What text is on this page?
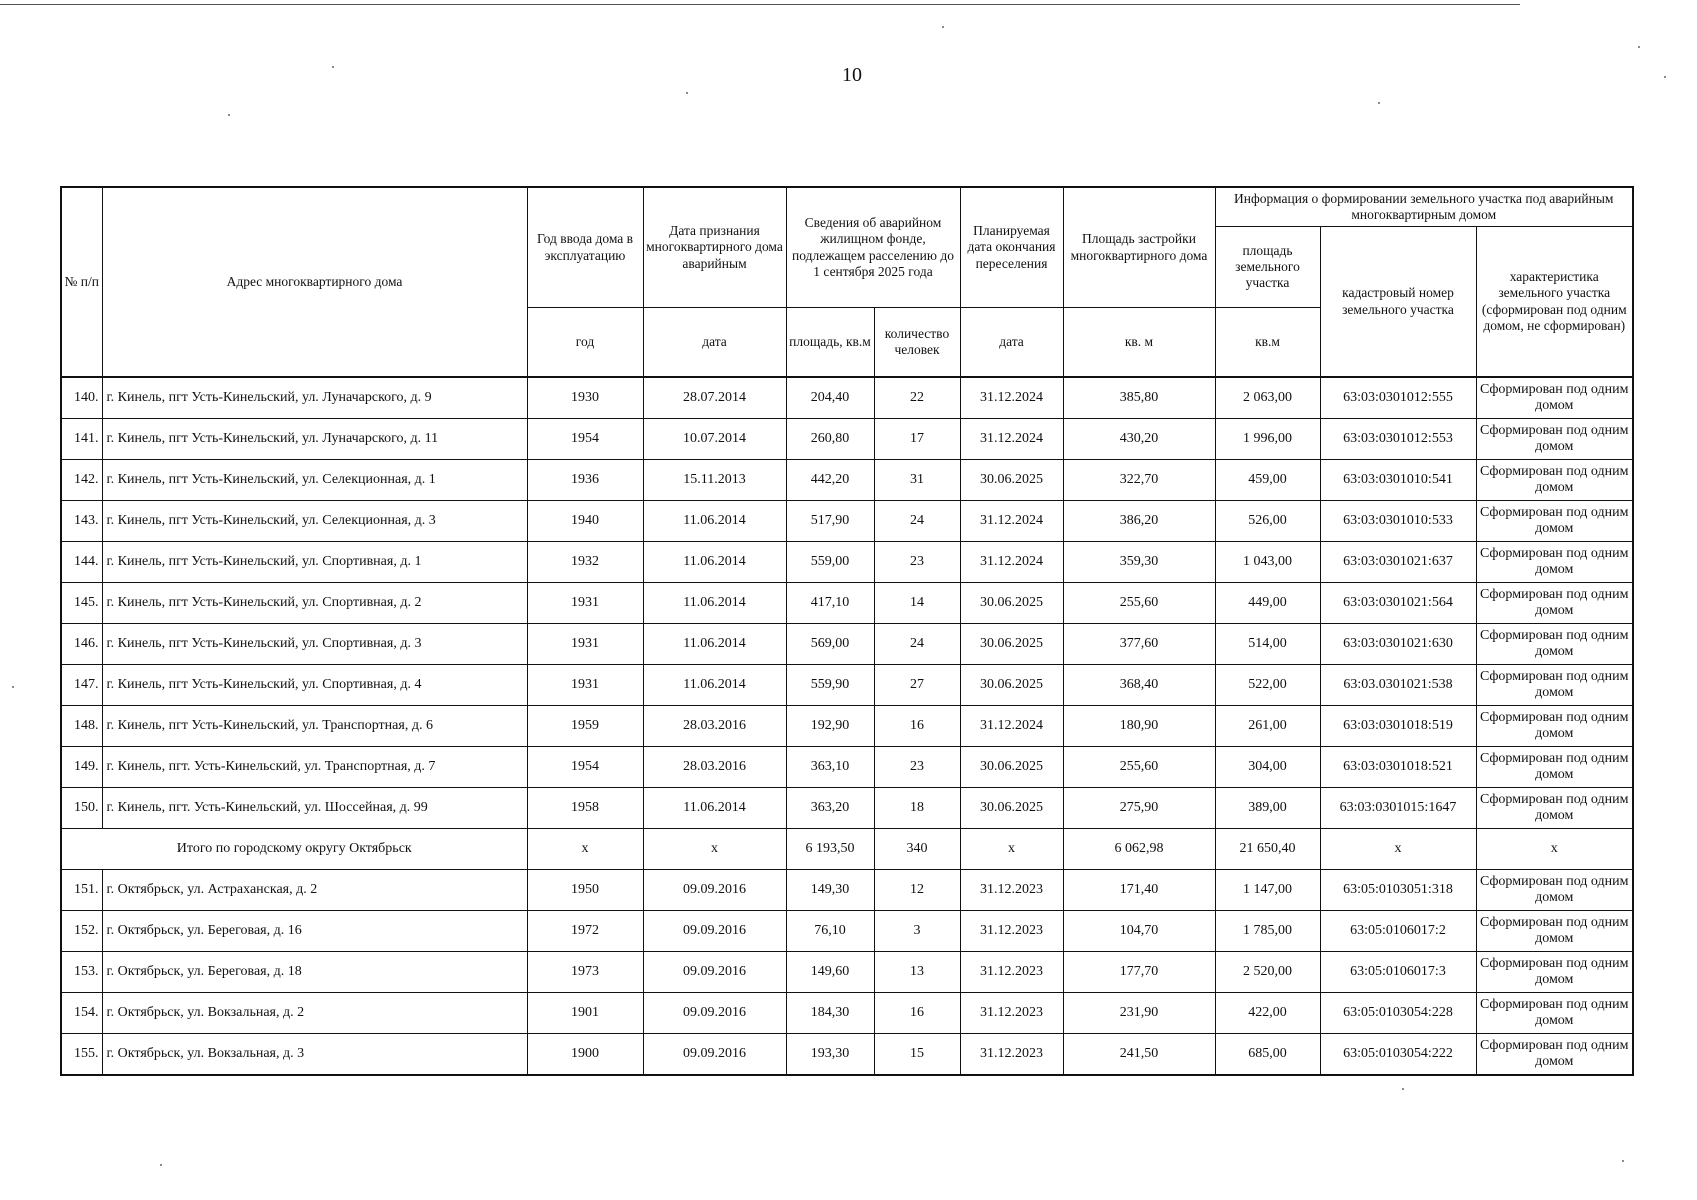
10
№ п/п	Адрес многоквартирного дома	Год ввода дома в эксплуатацию	Дата признания многоквартирного дома аварийным	Сведения об аварийном жилищном фонде, подлежащем расселению до 1 сентября 2025 года		Планируемая дата окончания переселения	Площадь застройки многоквартирного дома	Информация о формировании земельного участка под аварийным многоквартирным домом		
								площадь земельного участка	кадастровый номер земельного участка	характеристика земельного участка (сформирован под одним домом, не сформирован)
		год	дата	площадь, кв.м	количество человек	дата	кв. м	кв.м		
140.	г. Кинель, пгт Усть-Кинельский, ул. Луначарского, д. 9	1930	28.07.2014	204,40	22	31.12.2024	385,80	2 063,00	63:03:0301012:555	Сформирован под одним домом
141.	г. Кинель, пгт Усть-Кинельский, ул. Луначарского, д. 11	1954	10.07.2014	260,80	17	31.12.2024	430,20	1 996,00	63:03:0301012:553	Сформирован под одним домом
142.	г. Кинель, пгт Усть-Кинельский, ул. Селекционная, д. 1	1936	15.11.2013	442,20	31	30.06.2025	322,70	459,00	63:03:0301010:541	Сформирован под одним домом
143.	г. Кинель, пгт Усть-Кинельский, ул. Селекционная, д. 3	1940	11.06.2014	517,90	24	31.12.2024	386,20	526,00	63:03:0301010:533	Сформирован под одним домом
144.	г. Кинель, пгт Усть-Кинельский, ул. Спортивная, д. 1	1932	11.06.2014	559,00	23	31.12.2024	359,30	1 043,00	63:03:0301021:637	Сформирован под одним домом
145.	г. Кинель, пгт Усть-Кинельский, ул. Спортивная, д. 2	1931	11.06.2014	417,10	14	30.06.2025	255,60	449,00	63:03:0301021:564	Сформирован под одним домом
146.	г. Кинель, пгт Усть-Кинельский, ул. Спортивная, д. 3	1931	11.06.2014	569,00	24	30.06.2025	377,60	514,00	63:03:0301021:630	Сформирован под одним домом
147.	г. Кинель, пгт Усть-Кинельский, ул. Спортивная, д. 4	1931	11.06.2014	559,90	27	30.06.2025	368,40	522,00	63:03.0301021:538	Сформирован под одним домом
148.	г. Кинель, пгт Усть-Кинельский, ул. Транспортная, д. 6	1959	28.03.2016	192,90	16	31.12.2024	180,90	261,00	63:03:0301018:519	Сформирован под одним домом
149.	г. Кинель, пгт. Усть-Кинельский, ул. Транспортная, д. 7	1954	28.03.2016	363,10	23	30.06.2025	255,60	304,00	63:03:0301018:521	Сформирован под одним домом
150.	г. Кинель, пгт. Усть-Кинельский, ул. Шоссейная, д. 99	1958	11.06.2014	363,20	18	30.06.2025	275,90	389,00	63:03:0301015:1647	Сформирован под одним домом
Итого по городскому округу Октябрьск		х	х	6 193,50	340	х	6 062,98	21 650,40	х	х
151.	г. Октябрьск, ул. Астраханская, д. 2	1950	09.09.2016	149,30	12	31.12.2023	171,40	1 147,00	63:05:0103051:318	Сформирован под одним домом
152.	г. Октябрьск, ул. Береговая, д. 16	1972	09.09.2016	76,10	3	31.12.2023	104,70	1 785,00	63:05:0106017:2	Сформирован под одним домом
153.	г. Октябрьск, ул. Береговая, д. 18	1973	09.09.2016	149,60	13	31.12.2023	177,70	2 520,00	63:05:0106017:3	Сформирован под одним домом
154.	г. Октябрьск, ул. Вокзальная, д. 2	1901	09.09.2016	184,30	16	31.12.2023	231,90	422,00	63:05:0103054:228	Сформирован под одним домом
155.	г. Октябрьск, ул. Вокзальная, д. 3	1900	09.09.2016	193,30	15	31.12.2023	241,50	685,00	63:05:0103054:222	Сформирован под одним домом
